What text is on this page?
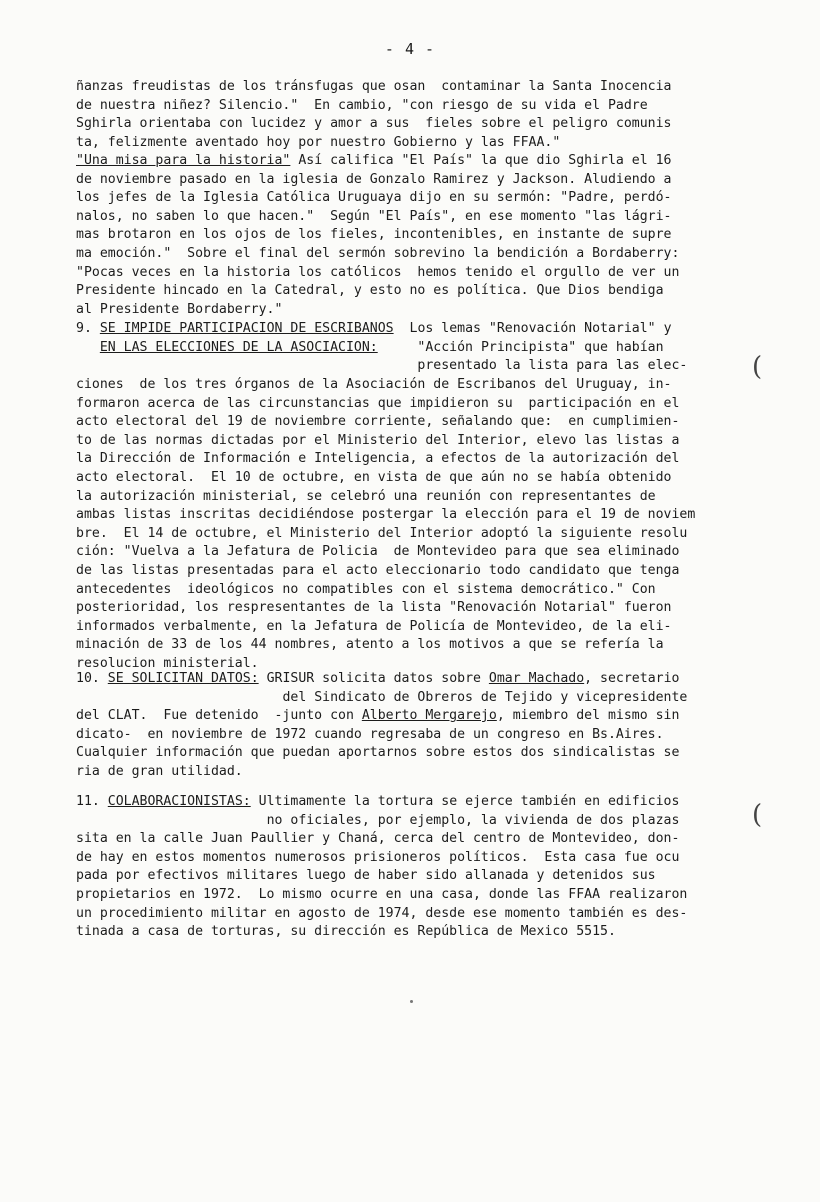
- 4 -
ñanzas freudistas de los tránsfugas que osan  contaminar la Santa Inocencia
de nuestra niñez? Silencio."  En cambio, "con riesgo de su vida el Padre
Sghirla orientaba con lucidez y amor a sus  fieles sobre el peligro comunis
ta, felizmente aventado hoy por nuestro Gobierno y las FFAA."
"Una misa para la historia" Así califica "El País" la que dio Sghirla el 16
de noviembre pasado en la iglesia de Gonzalo Ramirez y Jackson. Aludiendo a
los jefes de la Iglesia Católica Uruguaya dijo en su sermón: "Padre, perdó-
nalos, no saben lo que hacen."  Según "El País", en ese momento "las lágri-
mas brotaron en los ojos de los fieles, incontenibles, en instante de supre
ma emoción."  Sobre el final del sermón sobrevino la bendición a Bordaberry:
"Pocas veces en la historia los católicos  hemos tenido el orgullo de ver un
Presidente hincado en la Catedral, y esto no es política. Que Dios bendiga
al Presidente Bordaberry."
9. SE IMPIDE PARTICIPACION DE ESCRIBANOS Los lemas "Renovación Notarial" y
EN LAS ELECCIONES DE LA ASOCIACION:	"Acción Principista" que habían
presentado la lista para las elec-
ciones  de los tres órganos de la Asociación de Escribanos del Uruguay, in-
formaron acerca de las circunstancias que impidieron su  participación en el
acto electoral del 19 de noviembre corriente, señalando que:  en cumplimien-
to de las normas dictadas por el Ministerio del Interior, elevo las listas a
la Dirección de Información e Inteligencia, a efectos de la autorización del
acto electoral.  El 10 de octubre, en vista de que aún no se había obtenido
la autorización ministerial, se celebró una reunión con representantes de
ambas listas inscritas decidiéndose postergar la elección para el 19 de noviem
bre.  El 14 de octubre, el Ministerio del Interior adoptó la siguiente resolu
ción: "Vuelva a la Jefatura de Policia  de Montevideo para que sea eliminado
de las listas presentadas para el acto eleccionario todo candidato que tenga
antecedentes  ideológicos no compatibles con el sistema democrático." Con
posterioridad, los respresentantes de la lista "Renovación Notarial" fueron
informados verbalmente, en la Jefatura de Policía de Montevideo, de la eli-
minación de 33 de los 44 nombres, atento a los motivos a que se refería la
resolucion ministerial.
10. SE SOLICITAN DATOS: GRISUR solicita datos sobre Omar Machado, secretario
del Sindicato de Obreros de Tejido y vicepresidente
del CLAT.  Fue detenido  -junto con Alberto Mergarejo, miembro del mismo sin
dicato-  en noviembre de 1972 cuando regresaba de un congreso en Bs.Aires.
Cualquier información que puedan aportarnos sobre estos dos sindicalistas se
ria de gran utilidad.
11. COLABORACIONISTAS: Ultimamente la tortura se ejerce también en edificios
no oficiales, por ejemplo, la vivienda de dos plazas
sita en la calle Juan Paullier y Chaná, cerca del centro de Montevideo, don-
de hay en estos momentos numerosos prisioneros políticos.  Esta casa fue ocu
pada por efectivos militares luego de haber sido allanada y detenidos sus
propietarios en 1972.  Lo mismo ocurre en una casa, donde las FFAA realizaron
un procedimiento militar en agosto de 1974, desde ese momento también es des-
tinada a casa de torturas, su dirección es República de Mexico 5515.
(
(
